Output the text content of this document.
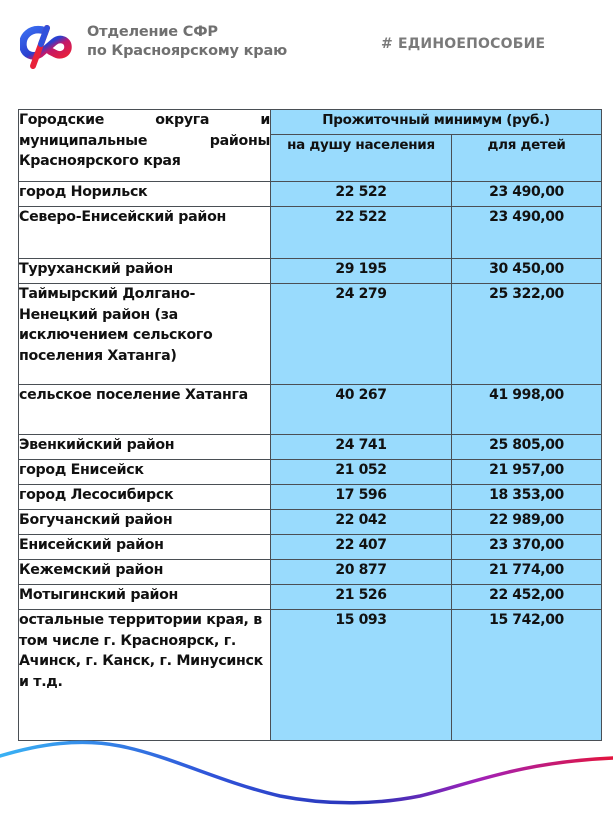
Отделение СФР
по Красноярскому краю	# ЕДИНОЕПОСОБИЕ
Городские округа и муниципальные районы Красноярского края	Прожиточный минимум (руб.)	
	на душу населения	для детей
город Норильск	22 522	23 490,00
Северо-Енисейский район	22 522	23 490,00
Туруханский район	29 195	30 450,00
Таймырский Долгано-Ненецкий район (за исключением сельского поселения Хатанга)	24 279	25 322,00
сельское поселение Хатанга	40 267	41 998,00
Эвенкийский район	24 741	25 805,00
город Енисейск	21 052	21 957,00
город Лесосибирск	17 596	18 353,00
Богучанский район	22 042	22 989,00
Енисейский район	22 407	23 370,00
Кежемский район	20 877	21 774,00
Мотыгинский район	21 526	22 452,00
остальные территории края, в том числе г. Красноярск, г. Ачинск, г. Канск, г. Минусинск и т.д.	15 093	15 742,00
